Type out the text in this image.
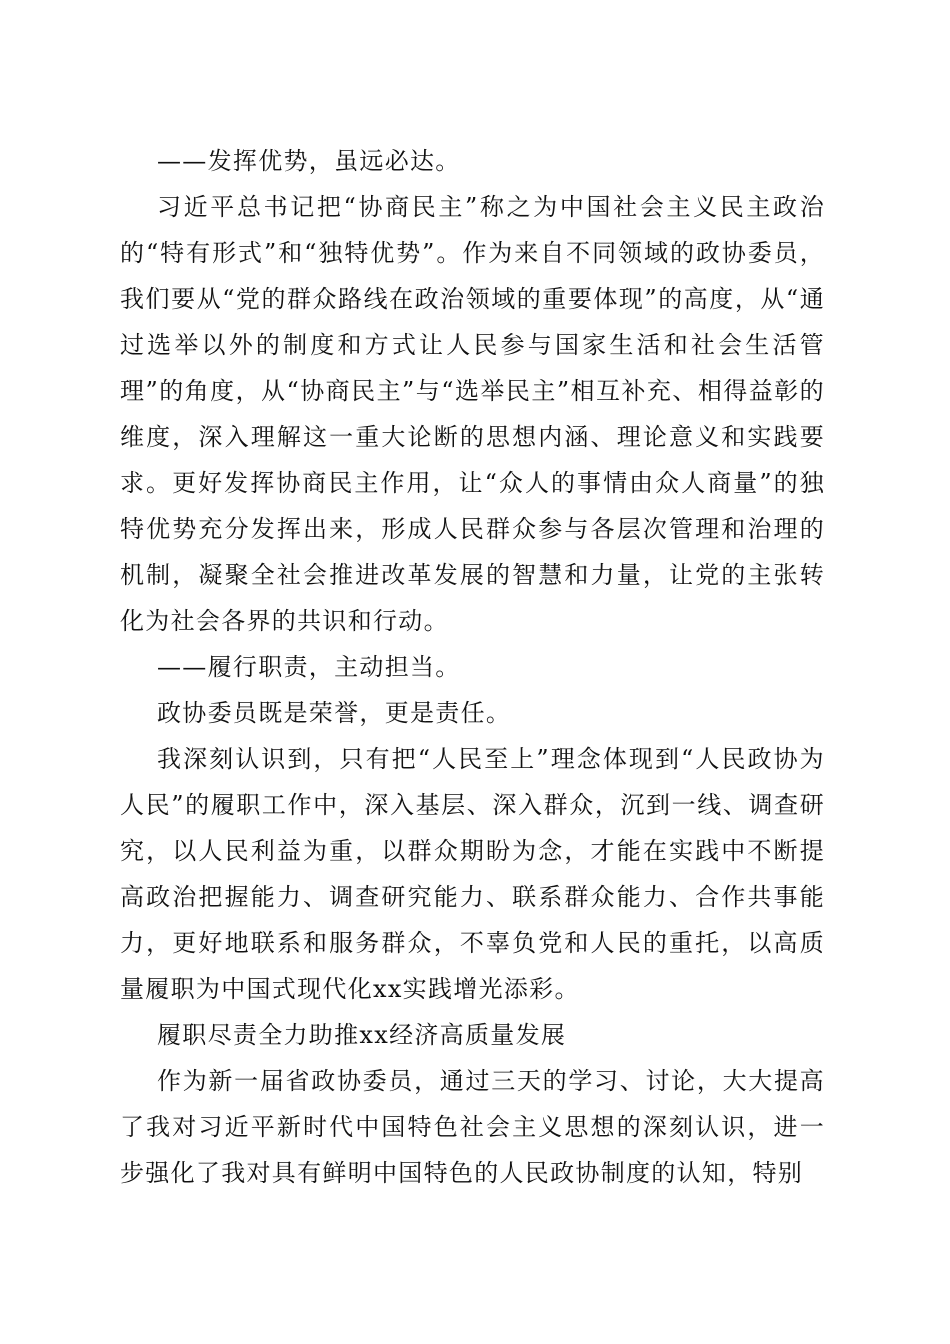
——发挥优势，虽远必达。

习近平总书记把“协商民主”称之为中国社会主义民主政治的“特有形式”和“独特优势”。作为来自不同领域的政协委员，我们要从“党的群众路线在政治领域的重要体现”的高度，从“通过选举以外的制度和方式让人民参与国家生活和社会生活管理”的角度，从“协商民主”与“选举民主”相互补充、相得益彰的维度，深入理解这一重大论断的思想内涵、理论意义和实践要求。更好发挥协商民主作用，让“众人的事情由众人商量”的独特优势充分发挥出来，形成人民群众参与各层次管理和治理的机制，凝聚全社会推进改革发展的智慧和力量，让党的主张转化为社会各界的共识和行动。

——履行职责，主动担当。

政协委员既是荣誉，更是责任。

我深刻认识到，只有把“人民至上”理念体现到“人民政协为人民”的履职工作中，深入基层、深入群众，沉到一线、调查研究，以人民利益为重，以群众期盼为念，才能在实践中不断提高政治把握能力、调查研究能力、联系群众能力、合作共事能力，更好地联系和服务群众，不辜负党和人民的重托，以高质量履职为中国式现代化xx实践增光添彩。

履职尽责全力助推xx经济高质量发展

作为新一届省政协委员，通过三天的学习、讨论，大大提高了我对习近平新时代中国特色社会主义思想的深刻认识，进一步强化了我对具有鲜明中国特色的人民政协制度的认知，特别
